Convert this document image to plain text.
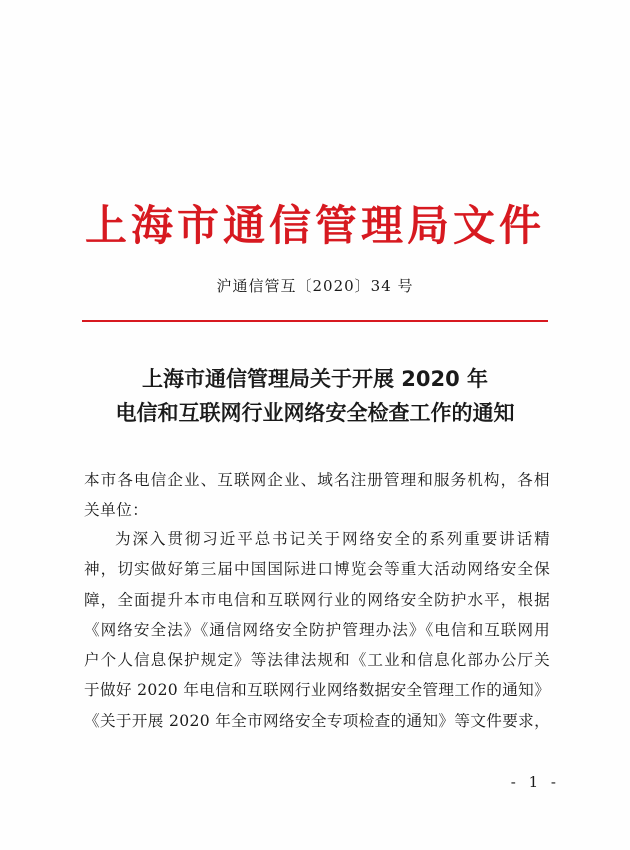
上海市通信管理局文件
沪通信管互〔2020〕34 号
上海市通信管理局关于开展 2020 年
电信和互联网行业网络安全检查工作的通知
本市各电信企业、互联网企业、域名注册管理和服务机构，各相
关单位：
为深入贯彻习近平总书记关于网络安全的系列重要讲话精
神，切实做好第三届中国国际进口博览会等重大活动网络安全保
障，全面提升本市电信和互联网行业的网络安全防护水平，根据
《网络安全法》《通信网络安全防护管理办法》《电信和互联网用
户个人信息保护规定》等法律法规和《工业和信息化部办公厅关
于做好 2020 年电信和互联网行业网络数据安全管理工作的通知》
《关于开展 2020 年全市网络安全专项检查的通知》等文件要求，
- 1 -
